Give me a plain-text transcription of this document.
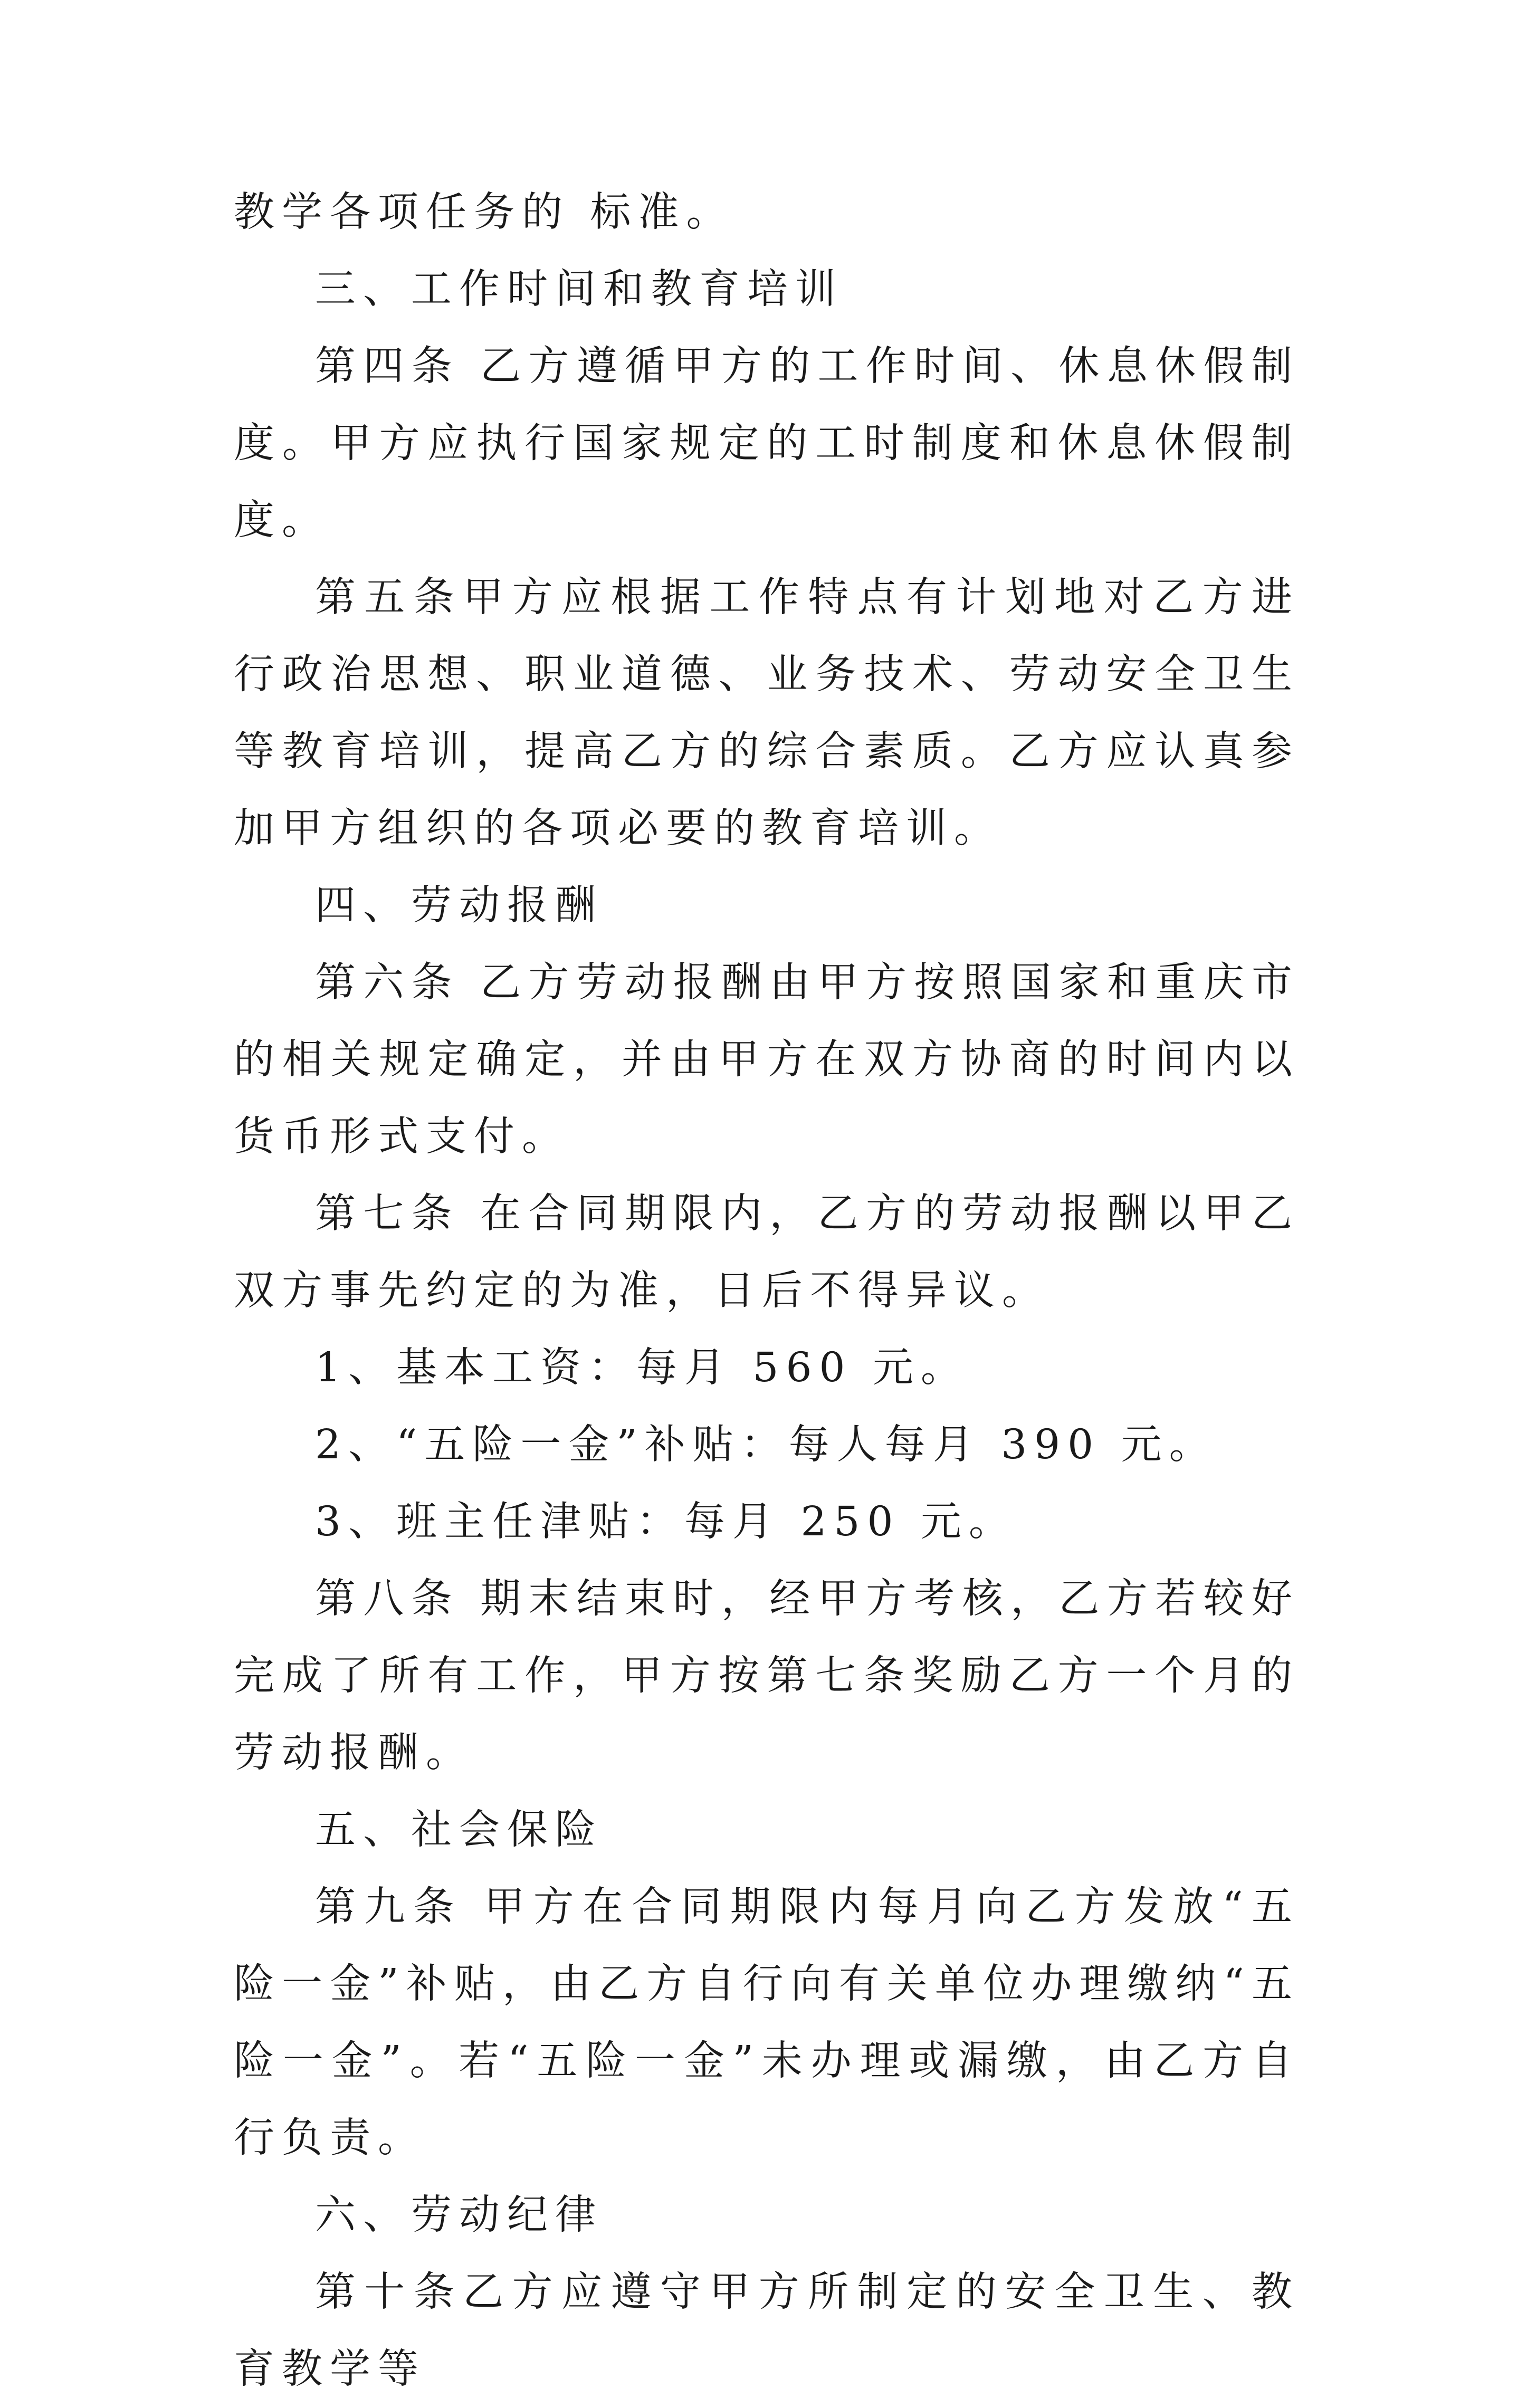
教学各项任务的 标准。

三、工作时间和教育培训

第四条 乙方遵循甲方的工作时间、休息休假制度。甲方应执行国家规定的工时制度和休息休假制度。

第五条甲方应根据工作特点有计划地对乙方进行政治思想、职业道德、业务技术、劳动安全卫生等教育培训，提高乙方的综合素质。乙方应认真参加甲方组织的各项必要的教育培训。

四、劳动报酬

第六条 乙方劳动报酬由甲方按照国家和重庆市的相关规定确定，并由甲方在双方协商的时间内以货币形式支付。

第七条 在合同期限内，乙方的劳动报酬以甲乙双方事先约定的为准，日后不得异议。

1、基本工资：每月 560 元。

2、“五险一金”补贴：每人每月 390 元。

3、班主任津贴：每月 250 元。

第八条 期末结束时，经甲方考核，乙方若较好完成了所有工作，甲方按第七条奖励乙方一个月的劳动报酬。

五、社会保险

第九条 甲方在合同期限内每月向乙方发放“五险一金”补贴，由乙方自行向有关单位办理缴纳“五险一金”。若“五险一金”未办理或漏缴，由乙方自行负责。

六、劳动纪律

第十条乙方应遵守甲方所制定的安全卫生、教育教学等
